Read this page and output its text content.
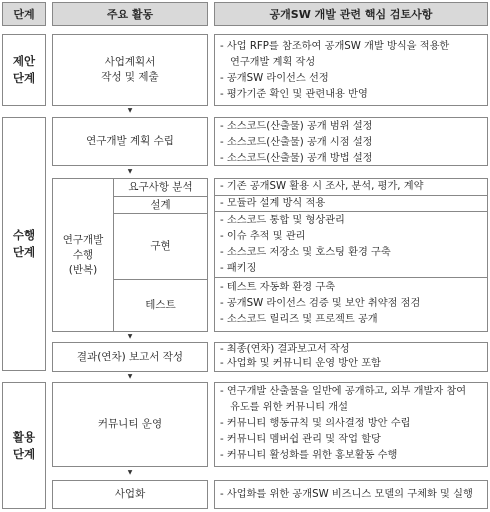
단계	주요 활동	공개SW 개발 관련 핵심 검토사항
제안
단계
수행
단계
활용
단계
사업계획서
작성 및 제출
연구개발 계획 수립
연구개발
수행
(반복)
요구사항 분석
설계
구현
테스트
결과(연차) 보고서 작성
커뮤니티 운영
사업화
- 사업 RFP를 참조하여 공개SW 개발 방식을 적용한
연구개발 계획 작성
- 공개SW 라이선스 선정
- 평가기준 확인 및 관련내용 반영
- 소스코드(산출물) 공개 범위 설정
- 소스코드(산출물) 공개 시점 설정
- 소스코드(산출물) 공개 방법 설정
- 기존 공개SW 활용 시 조사, 분석, 평가, 계약
- 모듈라 설계 방식 적용
- 소스코드 통합 및 형상관리
- 이슈 추적 및 관리
- 소스코드 저장소 및 호스팅 환경 구축
- 패키징
- 테스트 자동화 환경 구축
- 공개SW 라이선스 검증 및 보안 취약점 점검
- 소스코드 릴리즈 및 프로젝트 공개
- 최종(연차) 결과보고서 작성
- 사업화 및 커뮤니티 운영 방안 포함
- 연구개발 산출물을 일반에 공개하고, 외부 개발자 참여
유도를 위한 커뮤니티 개설
- 커뮤니티 행동규칙 및 의사결정 방안 수립
- 커뮤니티 멤버쉽 관리 및 작업 할당
- 커뮤니티 활성화를 위한 홍보활동 수행
- 사업화를 위한 공개SW 비즈니스 모델의 구체화 및 실행
▼
▼
▼
▼
▼
